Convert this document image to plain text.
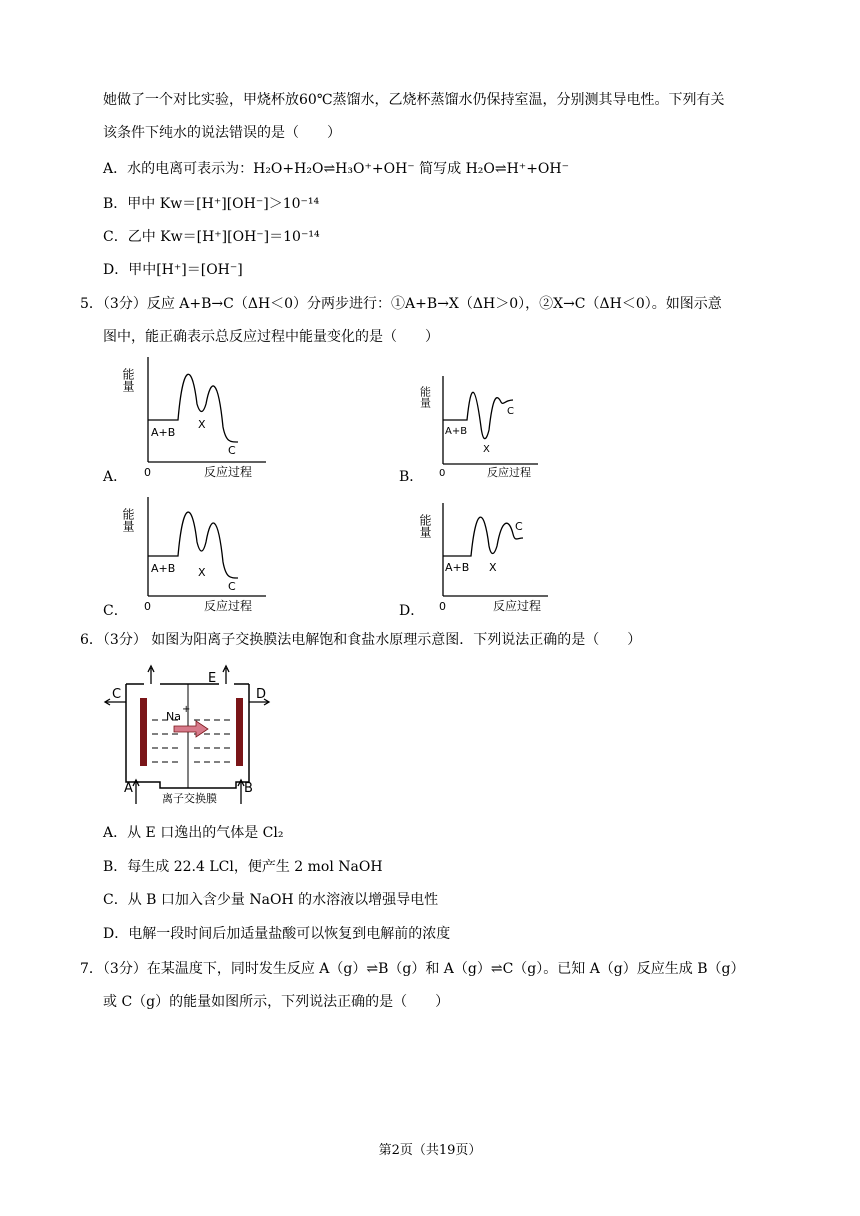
她做了一个对比实验，甲烧杯放60℃蒸馏水，乙烧杯蒸馏水仍保持室温，分别测其导电性。下列有关
该条件下纯水的说法错误的是（　　）
A．水的电离可表示为：H₂O+H₂O⇌H₃O⁺+OH⁻ 简写成 H₂O⇌H⁺+OH⁻
B．甲中 Kw＝[H⁺][OH⁻]＞10⁻¹⁴
C．乙中 Kw＝[H⁺][OH⁻]＝10⁻¹⁴
D．甲中[H⁺]＝[OH⁻]
5．（3分）反应 A+B→C（ΔH＜0）分两步进行：①A+B→X（ΔH＞0），②X→C（ΔH＜0）。如图示意
图中，能正确表示总反应过程中能量变化的是（　　）
A．
能量
A+B
X
C
0	反应过程	B．
能量
A+B
X
C
0	反应过程
C．
能量
A+B X
C
0	反应过程	D．
能量
A+B X
C
0	反应过程
6．（3分） 如图为阳离子交换膜法电解饱和食盐水原理示意图．下列说法正确的是（　　）
Na
+
C
E
D
A	B
离子交换膜
A．从 E 口逸出的气体是 Cl₂
B．每生成 22.4 LCl，便产生 2 mol NaOH
C．从 B 口加入含少量 NaOH 的水溶液以增强导电性
D．电解一段时间后加适量盐酸可以恢复到电解前的浓度
7．（3分）在某温度下，同时发生反应 A（g）⇌B（g）和 A（g）⇌C（g）。已知 A（g）反应生成 B（g）
或 C（g）的能量如图所示，下列说法正确的是（　　）
第2页（共19页）
